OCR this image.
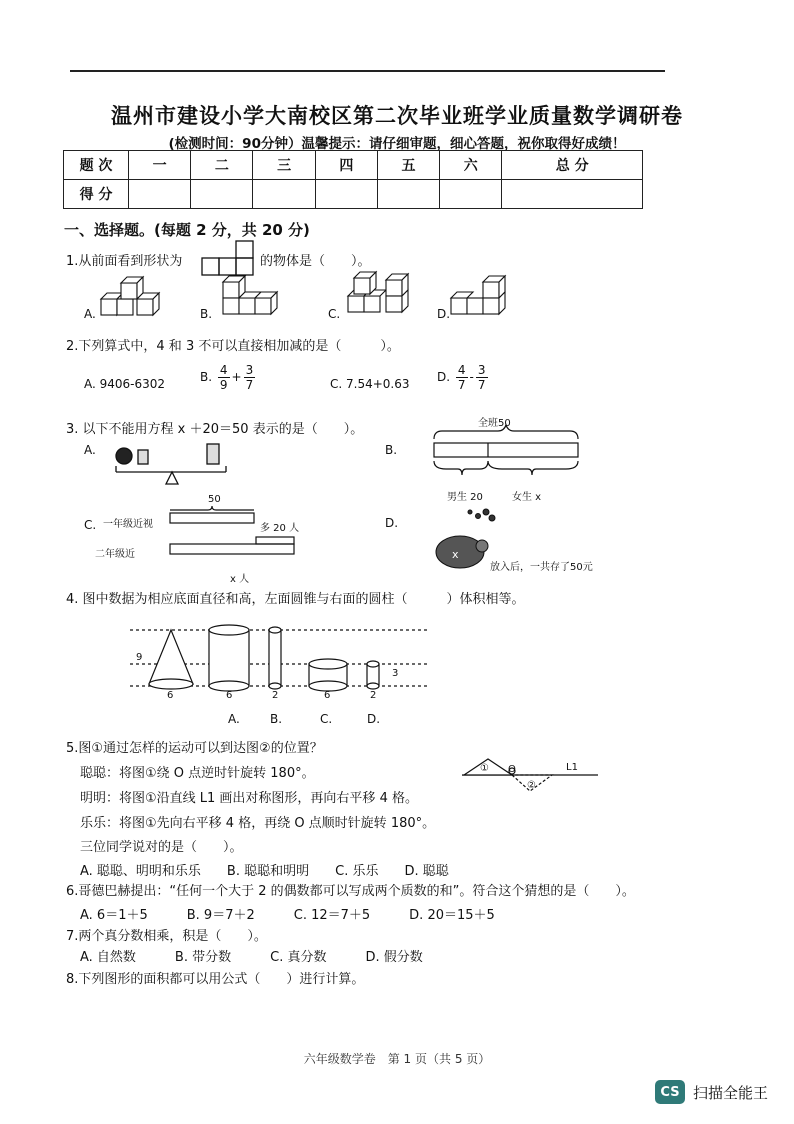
温州市建设小学大南校区第二次毕业班学业质量数学调研卷
(检测时间：90分钟）温馨提示：请仔细审题，细心答题，祝你取得好成绩！
题 次	一	二	三	四	五	六	总 分
得 分							
一、选择题。(每题 2 分，共 20 分)
1.从前面看到形状为	的物体是（　　）。
A.	B.	C.	D.
2.下列算式中，4 和 3 不可以直接相加减的是（　　　）。
A. 9406-6302	B. $\frac{4}{9} + \frac{3}{7}$	C. 7.54+0.63 D. $\frac{4}{7} - \frac{3}{7}$
3. 以下不能用方程 x ＋20＝50 表示的是（　　）。
A.	B.
全班50
男生 20	女生 x
C.
50
一年级近视	多 20 人
二年级近
x 人
D.
x
放入后，一共存了50元
4. 图中数据为相应底面直径和高，左面圆锥与右面的圆柱（　　　）体积相等。
9
6	6	2	6	2
3
A.	B.	C.	D.
5.图①通过怎样的运动可以到达图②的位置？
聪聪：将图①绕 O 点逆时针旋转 180°。
明明：将图①沿直线 L1 画出对称图形，再向右平移 4 格。
乐乐：将图①先向右平移 4 格，再绕 O 点顺时针旋转 180°。
三位同学说对的是（　　）。
A. 聪聪、明明和乐乐　　B. 聪聪和明明　　C. 乐乐　　D. 聪聪
① O
②
L1
6.哥德巴赫提出：“任何一个大于 2 的偶数都可以写成两个质数的和”。符合这个猜想的是（　　）。
A. 6＝1＋5　　　B. 9＝7＋2　　　C. 12＝7＋5　　　D. 20＝15＋5
7.两个真分数相乘，积是（　　）。
A. 自然数　　　B. 带分数　　　C. 真分数　　　D. 假分数
8.下列图形的面积都可以用公式（　　）进行计算。
六年级数学卷　第 1 页（共 5 页）
CS 扫描全能王
